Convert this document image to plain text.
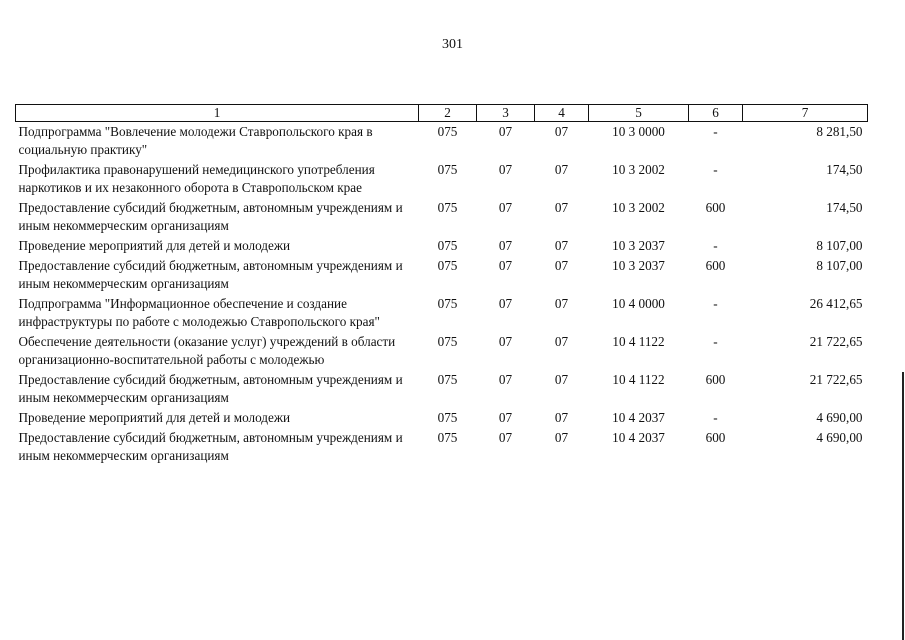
301
1	2	3	4	5	6	7
Подпрограмма "Вовлечение молодежи Ставропольского края в социальную практику"	075	07	07	10 3 0000	-	8 281,50
Профилактика правонарушений немедицинского употребления наркотиков и их незаконного оборота в Ставропольском крае	075	07	07	10 3 2002	-	174,50
Предоставление субсидий бюджетным, автономным учреждениям и иным некоммерческим организациям	075	07	07	10 3 2002	600	174,50
Проведение мероприятий для детей и молодежи	075	07	07	10 3 2037	-	8 107,00
Предоставление субсидий бюджетным, автономным учреждениям и иным некоммерческим организациям	075	07	07	10 3 2037	600	8 107,00
Подпрограмма "Информационное обеспечение и создание инфраструктуры по работе с молодежью Ставропольского края"	075	07	07	10 4 0000	-	26 412,65
Обеспечение деятельности (оказание услуг) учреждений в области организационно-воспитательной работы с молодежью	075	07	07	10 4 1122	-	21 722,65
Предоставление субсидий бюджетным, автономным учреждениям и иным некоммерческим организациям	075	07	07	10 4 1122	600	21 722,65
Проведение мероприятий для детей и молодежи	075	07	07	10 4 2037	-	4 690,00
Предоставление субсидий бюджетным, автономным учреждениям и иным некоммерческим организациям	075	07	07	10 4 2037	600	4 690,00
